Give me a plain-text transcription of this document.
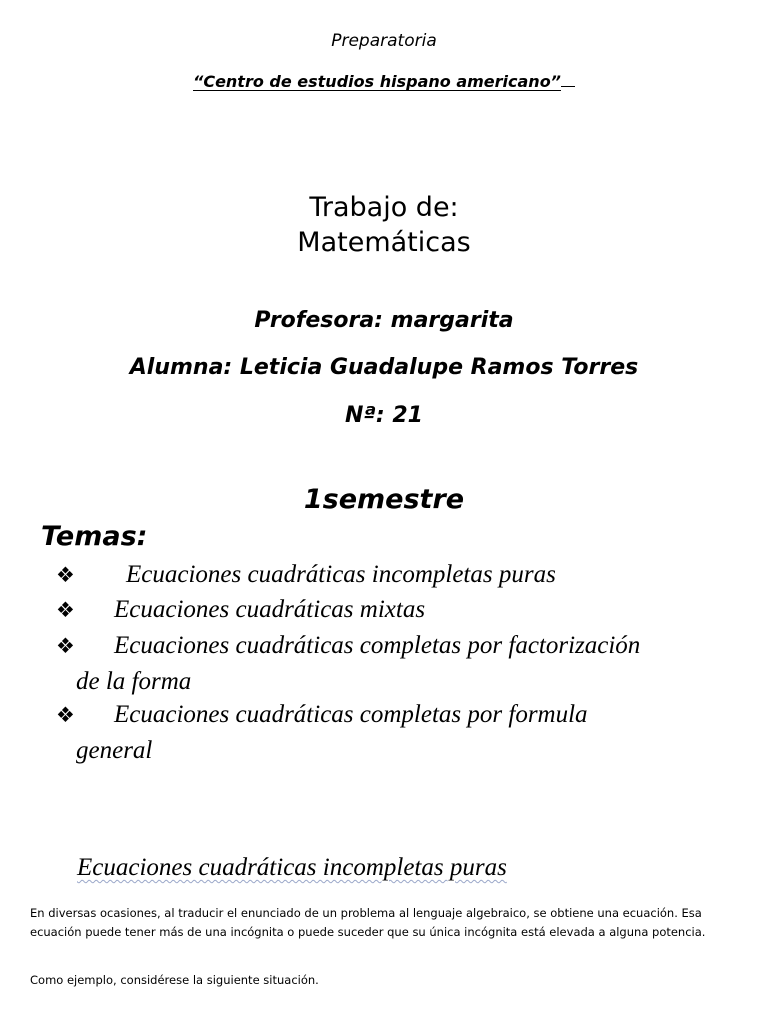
Preparatoria
“Centro de estudios hispano americano”
Trabajo de:
Matemáticas
Profesora: margarita
Alumna: Leticia Guadalupe Ramos Torres
Nª: 21
1semestre
Temas:
❖ Ecuaciones cuadráticas incompletas puras
❖ Ecuaciones cuadráticas mixtas
❖ Ecuaciones cuadráticas completas por factorización
de la forma
❖ Ecuaciones cuadráticas completas por formula
general
Ecuaciones cuadráticas incompletas puras
En diversas ocasiones, al traducir el enunciado de un problema al lenguaje algebraico, se obtiene una ecuación. Esa ecuación puede tener más de una incógnita o puede suceder que su única incógnita está elevada a alguna potencia.
Como ejemplo, considérese la siguiente situación.
